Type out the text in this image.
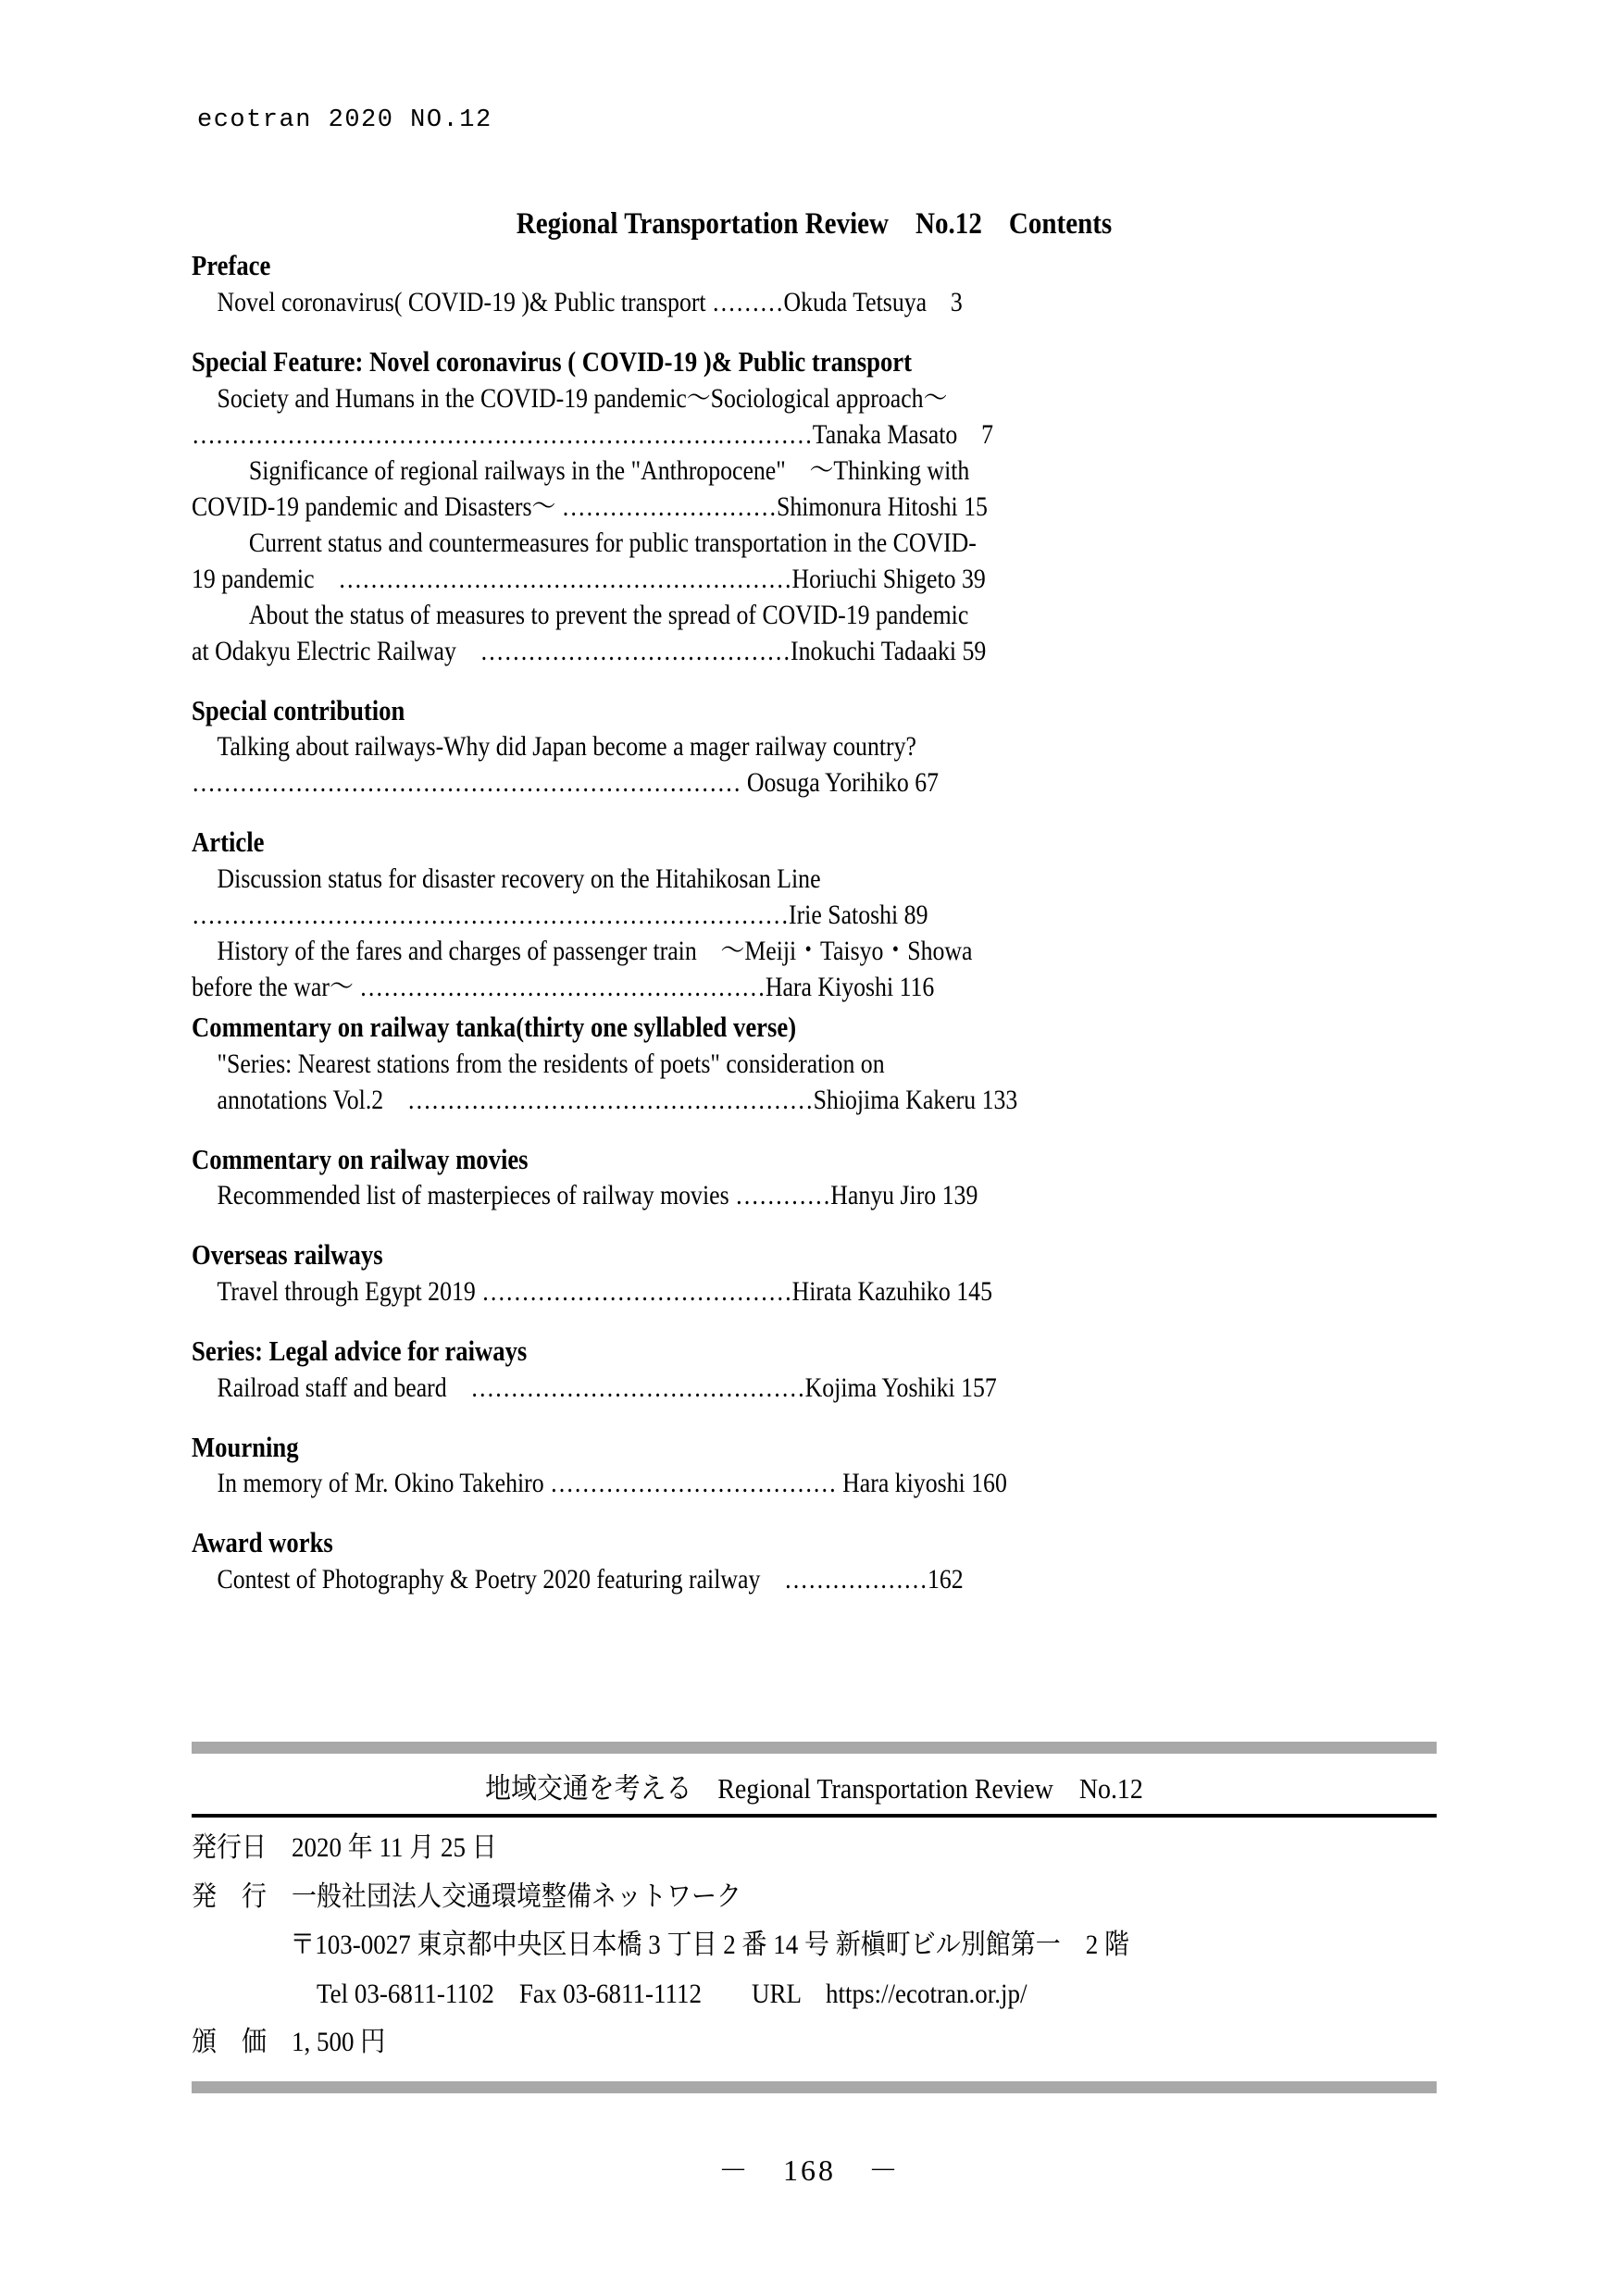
ecotran 2020 NO.12
Regional Transportation Review    No.12    Contents
Preface
Novel coronavirus( COVID-19 )& Public transport ………Okuda Tetsuya　3
Special Feature: Novel coronavirus ( COVID-19 )& Public transport
Society and Humans in the COVID-19 pandemic～Sociological approach～
……………………………………………………………………Tanaka Masato　7
Significance of regional railways in the "Anthropocene"　～Thinking with
COVID-19 pandemic and Disasters～ ………………………Shimonura Hitoshi 15
Current status and countermeasures for public transportation in the COVID-
19 pandemic　…………………………………………………Horiuchi Shigeto 39
About the status of measures to prevent the spread of COVID-19 pandemic
at Odakyu Electric Railway　…………………………………Inokuchi Tadaaki 59
Special contribution
Talking about railways-Why did Japan become a mager railway country?
…………………………………………………………… Oosuga Yorihiko 67
Article
Discussion status for disaster recovery on the Hitahikosan Line
…………………………………………………………………Irie Satoshi 89
History of the fares and charges of passenger train　～Meiji・Taisyo・Showa
before the war～ ……………………………………………Hara Kiyoshi 116
Commentary on railway tanka(thirty one syllabled verse)
"Series: Nearest stations from the residents of poets" consideration on
annotations Vol.2　……………………………………………Shiojima Kakeru 133
Commentary on railway movies
Recommended list of masterpieces of railway movies …………Hanyu Jiro 139
Overseas railways
Travel through Egypt 2019 …………………………………Hirata Kazuhiko 145
Series: Legal advice for raiways
Railroad staff and beard　……………………………………Kojima Yoshiki 157
Mourning
In memory of Mr. Okino Takehiro ……………………………… Hara kiyoshi 160
Award works
Contest of Photography & Poetry 2020 featuring railway　………………162
地域交通を考える　Regional Transportation Review　No.12
発行日　2020 年 11 月 25 日
発　行　一般社団法人交通環境整備ネットワーク
〒103-0027 東京都中央区日本橋 3 丁目 2 番 14 号 新槇町ビル別館第一　2 階
Tel 03-6811-1102　Fax 03-6811-1112　　URL　https://ecotran.or.jp/
頒　価　1, 500 円
－　168　－
